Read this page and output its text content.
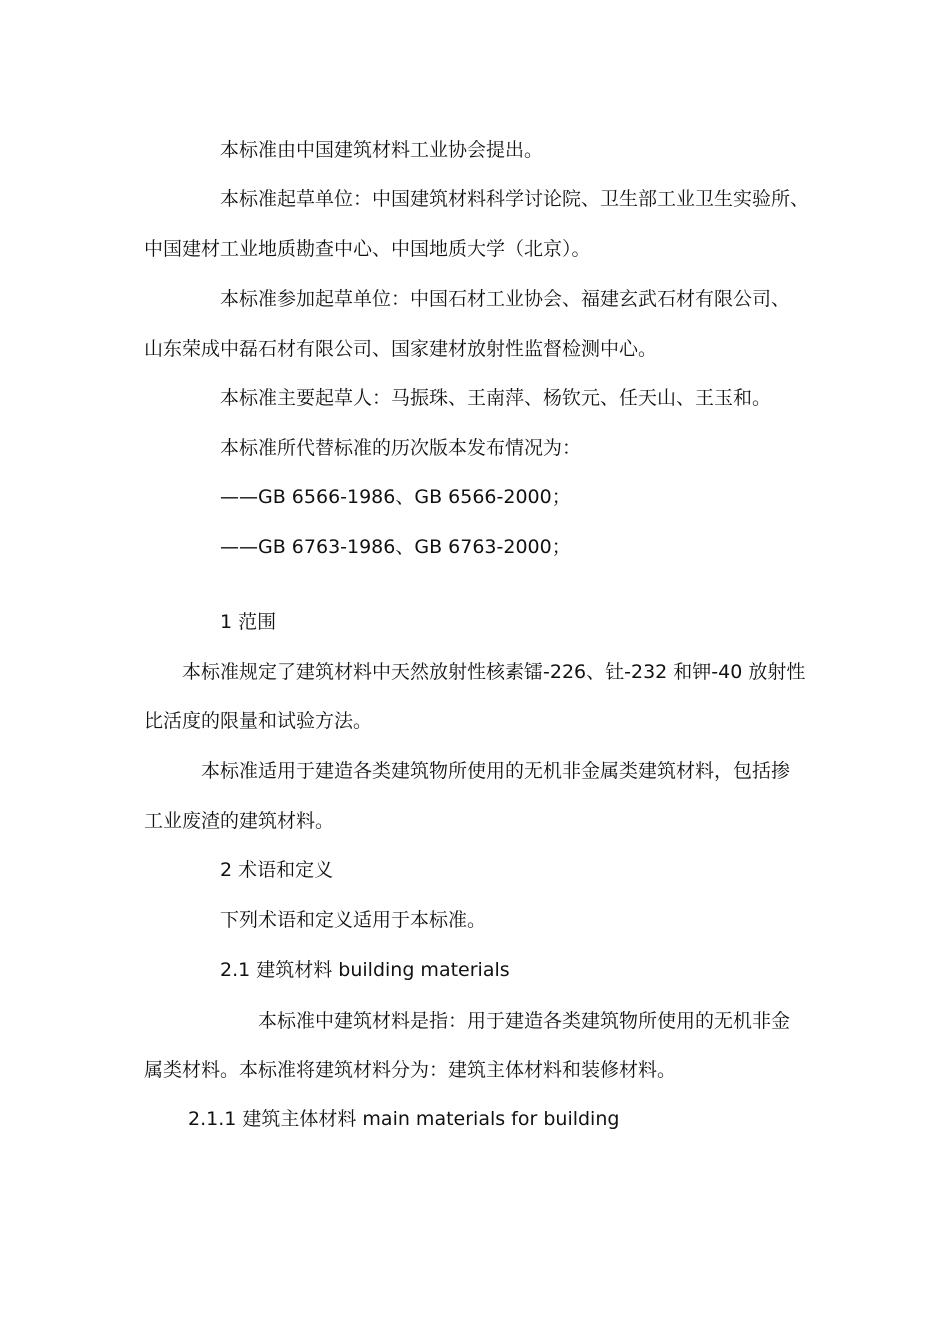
本标准由中国建筑材料工业协会提出。
本标准起草单位：中国建筑材料科学讨论院、卫生部工业卫生实验所、
中国建材工业地质勘查中心、中国地质大学（北京）。
本标准参加起草单位：中国石材工业协会、福建玄武石材有限公司、
山东荣成中磊石材有限公司、国家建材放射性监督检测中心。
本标准主要起草人：马振珠、王南萍、杨钦元、任天山、王玉和。
本标准所代替标准的历次版本发布情况为：
——GB 6566-1986、GB 6566-2000；
——GB 6763-1986、GB 6763-2000；
1 范围
本标准规定了建筑材料中天然放射性核素镭-226、钍-232 和钾-40 放射性
比活度的限量和试验方法。
本标准适用于建造各类建筑物所使用的无机非金属类建筑材料，包括掺
工业废渣的建筑材料。
2 术语和定义
下列术语和定义适用于本标准。
2.1 建筑材料 building materials
本标准中建筑材料是指：用于建造各类建筑物所使用的无机非金
属类材料。本标准将建筑材料分为：建筑主体材料和装修材料。
2.1.1 建筑主体材料 main materials for building
